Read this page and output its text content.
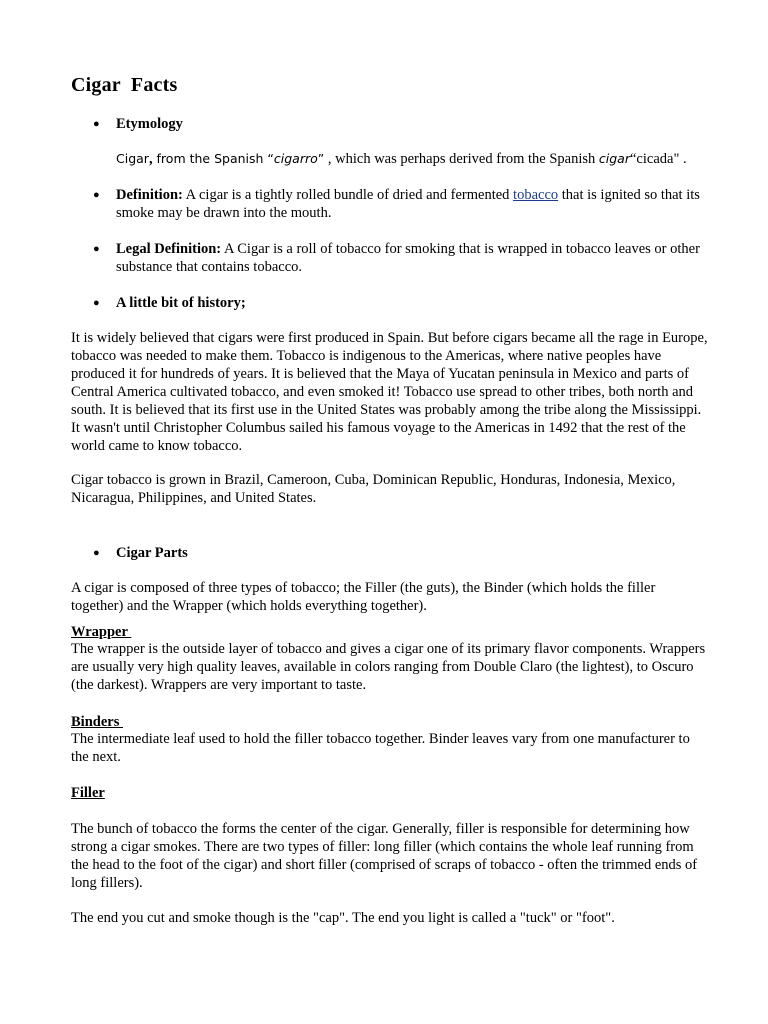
Cigar  Facts
● Etymology
Cigar, from the Spanish “cigarro” , which was perhaps derived from the Spanish cigar“cicada" .
● Definition: A cigar is a tightly rolled bundle of dried and fermented tobacco that is ignited so that its smoke may be drawn into the mouth.
● Legal Definition: A Cigar is a roll of tobacco for smoking that is wrapped in tobacco leaves or other substance that contains tobacco.
● A little bit of history;
It is widely believed that cigars were first produced in Spain. But before cigars became all the rage in Europe, tobacco was needed to make them. Tobacco is indigenous to the Americas, where native peoples have produced it for hundreds of years. It is believed that the Maya of Yucatan peninsula in Mexico and parts of Central America cultivated tobacco, and even smoked it! Tobacco use spread to other tribes, both north and south. It is believed that its first use in the United States was probably among the tribe along the Mississippi. It wasn't until Christopher Columbus sailed his famous voyage to the Americas in 1492 that the rest of the world came to know tobacco.
Cigar tobacco is grown in Brazil, Cameroon, Cuba, Dominican Republic, Honduras, Indonesia, Mexico, Nicaragua, Philippines, and United States.
● Cigar Parts
A cigar is composed of three types of tobacco; the Filler (the guts), the Binder (which holds the filler together) and the Wrapper (which holds everything together).
Wrapper
The wrapper is the outside layer of tobacco and gives a cigar one of its primary flavor components. Wrappers are usually very high quality leaves, available in colors ranging from Double Claro (the lightest), to Oscuro (the darkest). Wrappers are very important to taste.
Binders
The intermediate leaf used to hold the filler tobacco together. Binder leaves vary from one manufacturer to the next.
Filler
The bunch of tobacco the forms the center of the cigar. Generally, filler is responsible for determining how strong a cigar smokes. There are two types of filler: long filler (which contains the whole leaf running from the head to the foot of the cigar) and short filler (comprised of scraps of tobacco - often the trimmed ends of long fillers).
The end you cut and smoke though is the "cap". The end you light is called a "tuck" or "foot".
